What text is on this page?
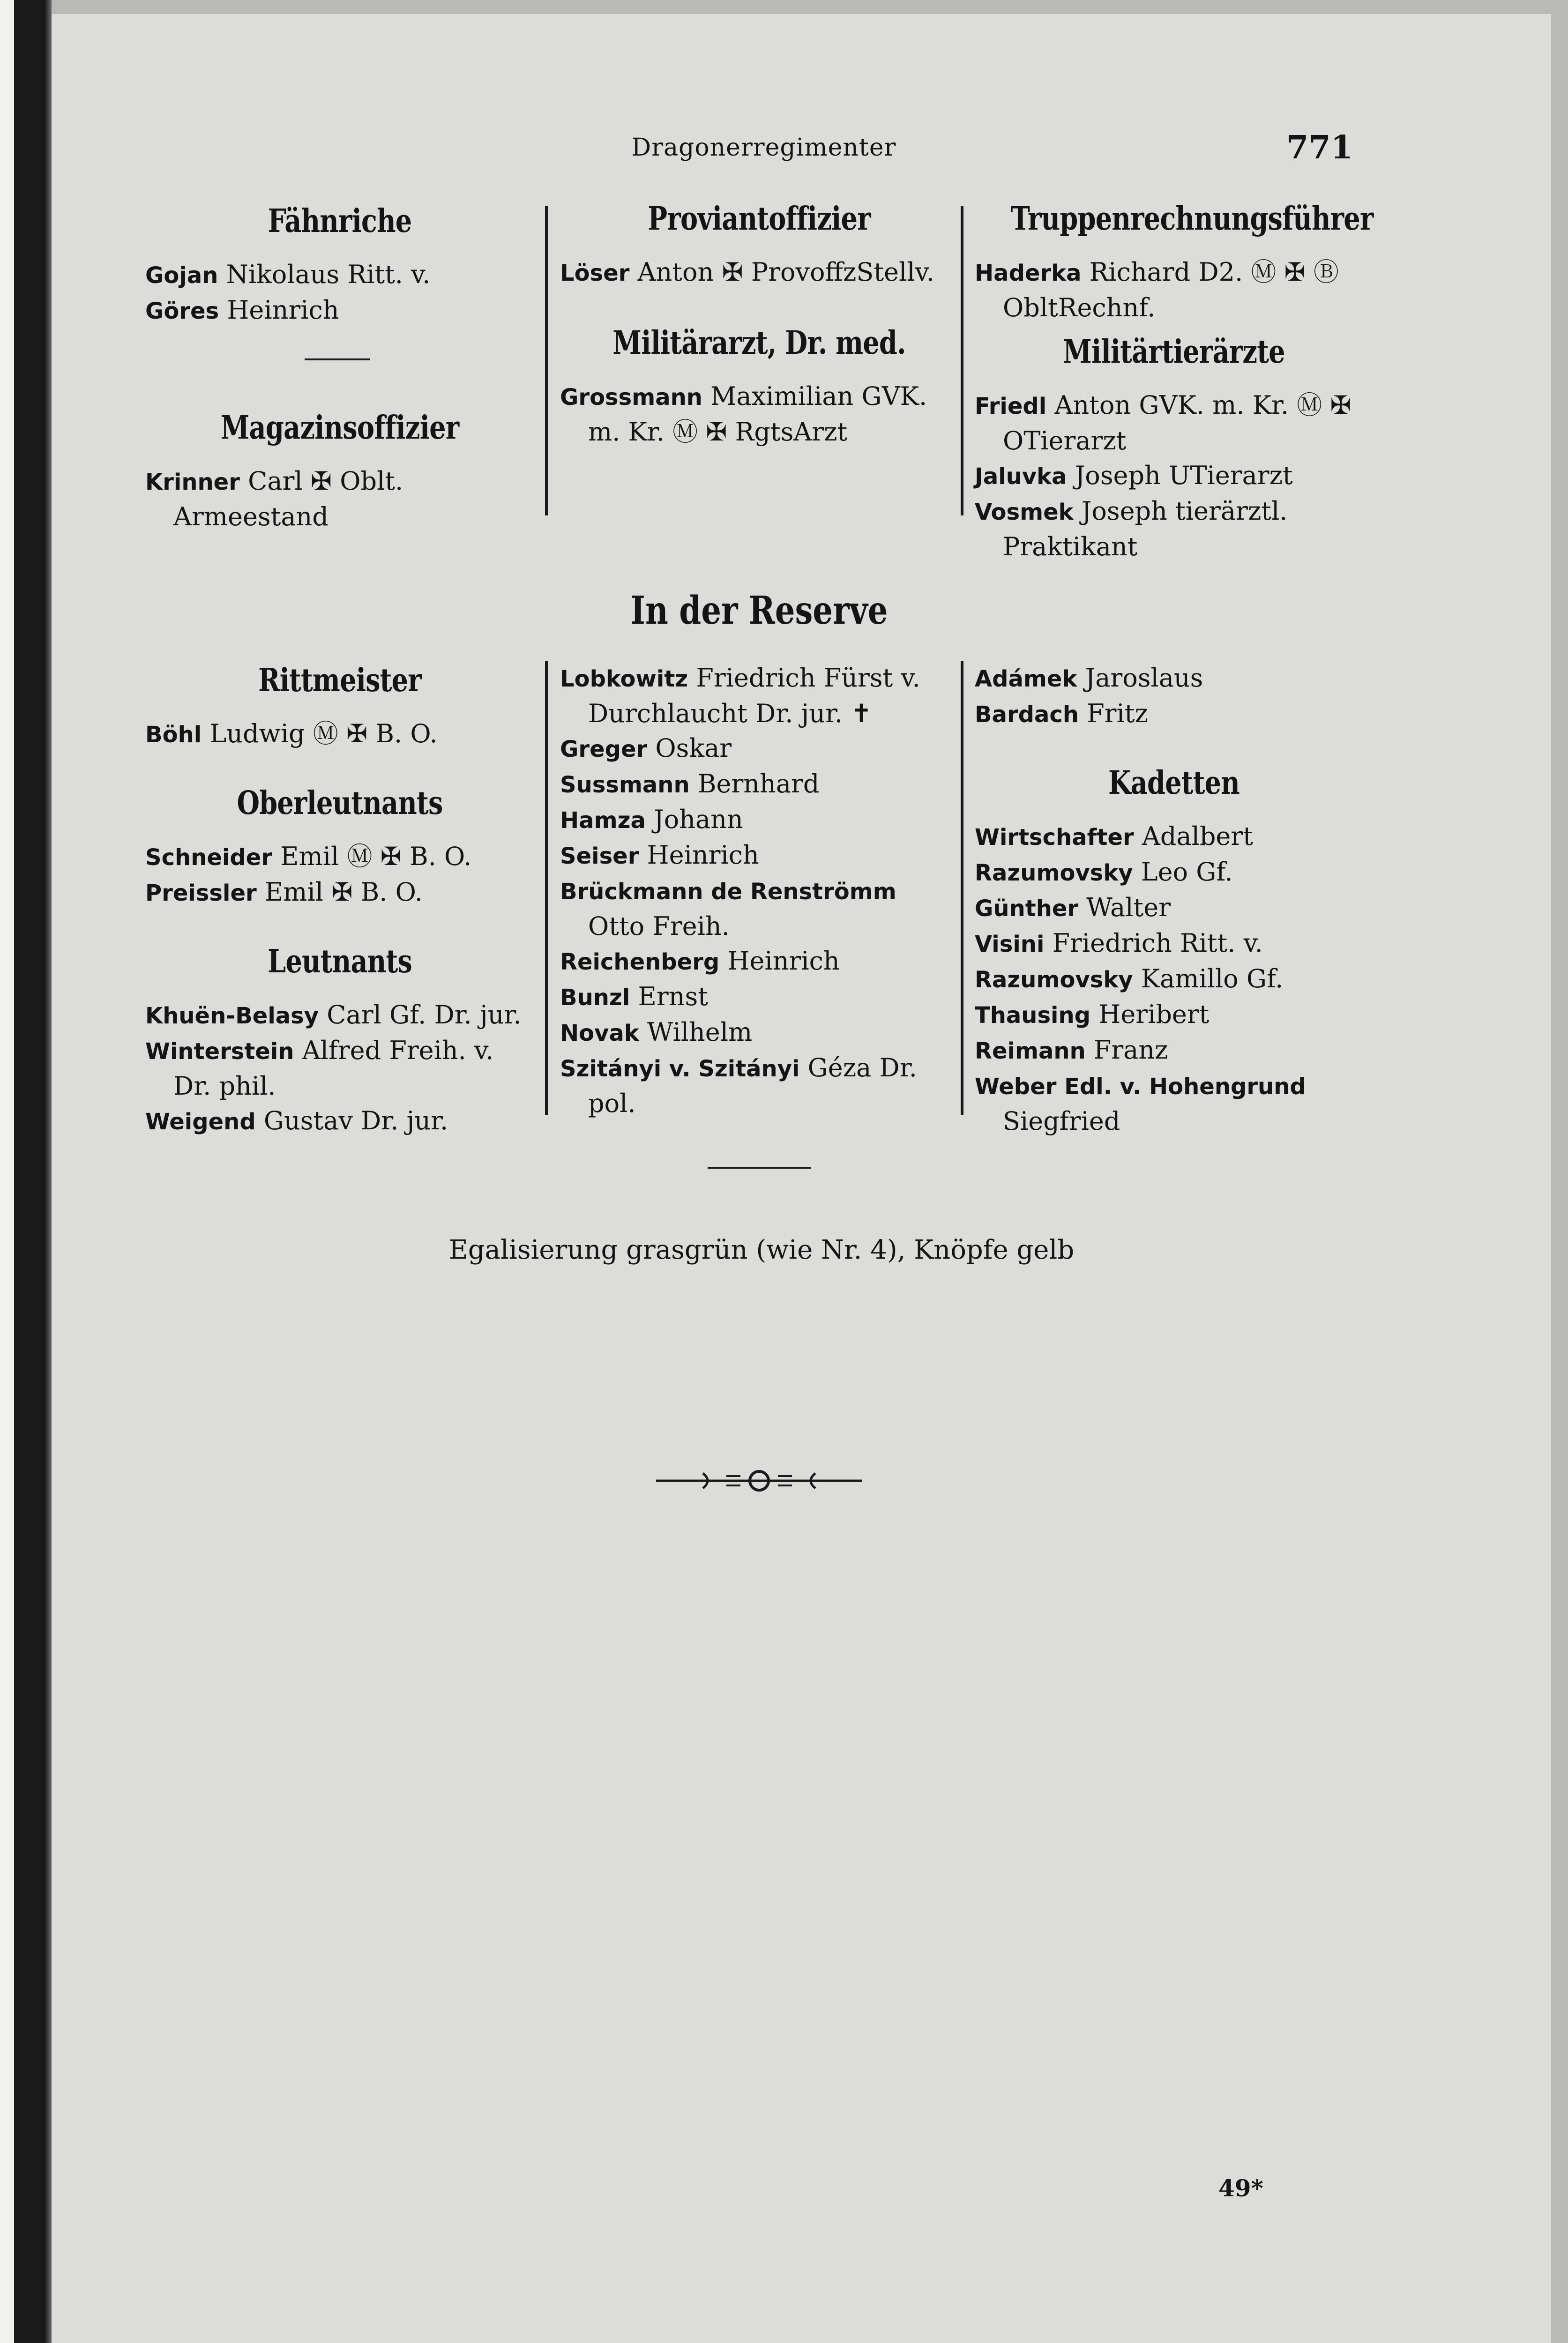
Dragonerregimenter	771
Fähnriche
Gojan Nikolaus Ritt. v.
Göres Heinrich
Magazinsoffizier
Krinner Carl ✠ Oblt. Armeestand
Proviantoffizier
Löser Anton ✠ ProvoffzStellv.
Militärarzt, Dr. med.
Grossmann Maximilian GVK. m. Kr. Ⓜ ✠ RgtsArzt
Truppenrechnungsführer
Haderka Richard D2. Ⓜ ✠ Ⓑ ObltRechnf.
Militärtierärzte
Friedl Anton GVK. m. Kr. Ⓜ ✠ OTierarzt
Jaluvka Joseph UTierarzt
Vosmek Joseph tierärztl. Praktikant
In der Reserve
Rittmeister
Böhl Ludwig Ⓜ ✠ B. O.
Oberleutnants
Schneider Emil Ⓜ ✠ B. O.
Preissler Emil ✠ B. O.
Leutnants
Khuën-Belasy Carl Gf. Dr. jur.
Winterstein Alfred Freih. v. Dr. phil.
Weigend Gustav Dr. jur.
Lobkowitz Friedrich Fürst v. Durchlaucht Dr. jur. ✝
Greger Oskar
Sussmann Bernhard
Hamza Johann
Seiser Heinrich
Brückmann de Renströmm Otto Freih.
Reichenberg Heinrich
Bunzl Ernst
Novak Wilhelm
Szitányi v. Szitányi Géza Dr. pol.
Adámek Jaroslaus
Bardach Fritz
Kadetten
Wirtschafter Adalbert
Razumovsky Leo Gf.
Günther Walter
Visini Friedrich Ritt. v.
Razumovsky Kamillo Gf.
Thausing Heribert
Reimann Franz
Weber Edl. v. Hohengrund Siegfried
Egalisierung grasgrün (wie Nr. 4), Knöpfe gelb
49*
